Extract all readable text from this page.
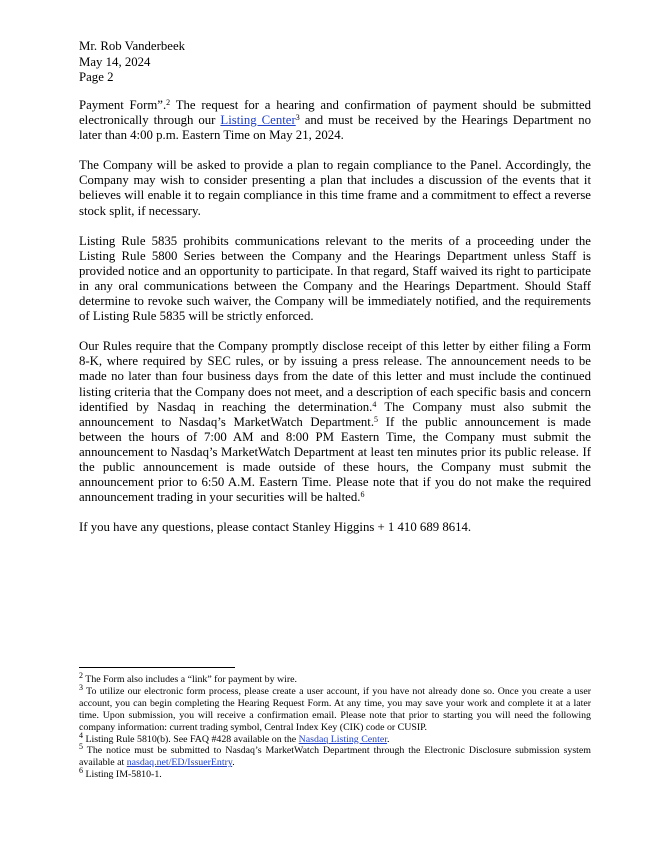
Mr. Rob Vanderbeek
May 14, 2024
Page 2

Payment Form”.$^2$ The request for a hearing and confirmation of payment should be submitted electronically through our Listing Center$^3$ and must be received by the Hearings Department no later than 4:00 p.m. Eastern Time on May 21, 2024.

The Company will be asked to provide a plan to regain compliance to the Panel. Accordingly, the Company may wish to consider presenting a plan that includes a discussion of the events that it believes will enable it to regain compliance in this time frame and a commitment to effect a reverse stock split, if necessary.

Listing Rule 5835 prohibits communications relevant to the merits of a proceeding under the Listing Rule 5800 Series between the Company and the Hearings Department unless Staff is provided notice and an opportunity to participate. In that regard, Staff waived its right to participate in any oral communications between the Company and the Hearings Department. Should Staff determine to revoke such waiver, the Company will be immediately notified, and the requirements of Listing Rule 5835 will be strictly enforced.

Our Rules require that the Company promptly disclose receipt of this letter by either filing a Form 8-K, where required by SEC rules, or by issuing a press release. The announcement needs to be made no later than four business days from the date of this letter and must include the continued listing criteria that the Company does not meet, and a description of each specific basis and concern identified by Nasdaq in reaching the determination.$^4$ The Company must also submit the announcement to Nasdaq’s MarketWatch Department.$^5$ If the public announcement is made between the hours of 7:00 AM and 8:00 PM Eastern Time, the Company must submit the announcement to Nasdaq’s MarketWatch Department at least ten minutes prior its public release. If the public announcement is made outside of these hours, the Company must submit the announcement prior to 6:50 A.M. Eastern Time. Please note that if you do not make the required announcement trading in your securities will be halted.$^6$

If you have any questions, please contact Stanley Higgins + 1 410 689 8614.

$^2$ The Form also includes a “link” for payment by wire.

$^3$ To utilize our electronic form process, please create a user account, if you have not already done so. Once you create a user account, you can begin completing the Hearing Request Form. At any time, you may save your work and complete it at a later time. Upon submission, you will receive a confirmation email. Please note that prior to starting you will need the following company information: current trading symbol, Central Index Key (CIK) code or CUSIP.

$^4$ Listing Rule 5810(b). See FAQ #428 available on the Nasdaq Listing Center.

$^5$ The notice must be submitted to Nasdaq’s MarketWatch Department through the Electronic Disclosure submission system available at nasdaq.net/ED/IssuerEntry.

$^6$ Listing IM-5810-1.
